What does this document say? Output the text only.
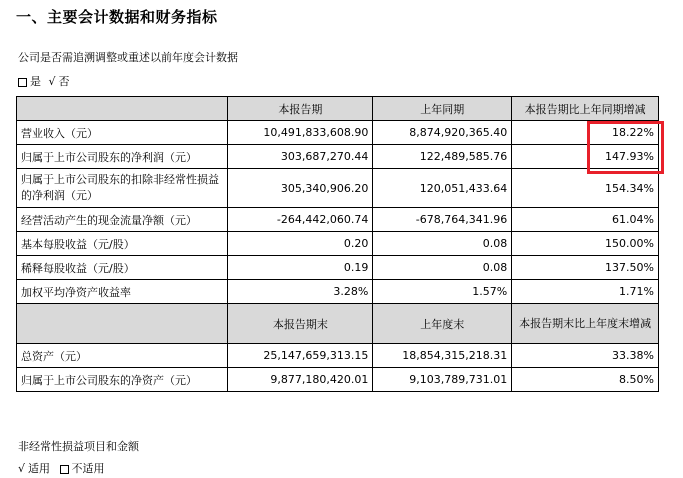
一、主要会计数据和财务指标
公司是否需追溯调整或重述以前年度会计数据
是 √ 否
	本报告期	上年同期	本报告期比上年同期增减
营业收入（元）	10,491,833,608.90	8,874,920,365.40	18.22%
归属于上市公司股东的净利润（元）	303,687,270.44	122,489,585.76	147.93%
归属于上市公司股东的扣除非经常性损益的净利润（元）	305,340,906.20	120,051,433.64	154.34%
经营活动产生的现金流量净额（元）	-264,442,060.74	-678,764,341.96	61.04%
基本每股收益（元/股）	0.20	0.08	150.00%
稀释每股收益（元/股）	0.19	0.08	137.50%
加权平均净资产收益率	3.28%	1.57%	1.71%
	本报告期末	上年度末	本报告期末比上年度末增减
总资产（元）	25,147,659,313.15	18,854,315,218.31	33.38%
归属于上市公司股东的净资产（元）	9,877,180,420.01	9,103,789,731.01	8.50%
非经常性损益项目和金额
√ 适用 不适用
